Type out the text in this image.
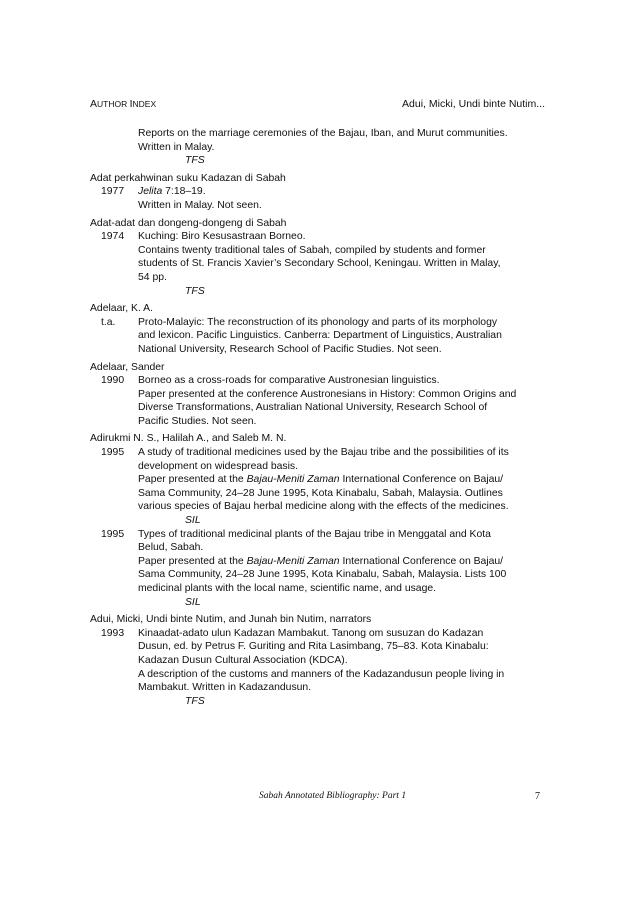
AUTHOR INDEX	Adui, Micki, Undi binte Nutim...
Reports on the marriage ceremonies of the Bajau, Iban, and Murut communities.
Written in Malay.
TFS
Adat perkahwinan suku Kadazan di Sabah
1977	Jelita 7:18–19.
Written in Malay. Not seen.
Adat-adat dan dongeng-dongeng di Sabah
1974	Kuching: Biro Kesusastraan Borneo.
Contains twenty traditional tales of Sabah, compiled by students and former
students of St. Francis Xavier’s Secondary School, Keningau. Written in Malay,
54 pp.
TFS
Adelaar, K. A.
t.a.	Proto-Malayic: The reconstruction of its phonology and parts of its morphology
and lexicon. Pacific Linguistics. Canberra: Department of Linguistics, Australian
National University, Research School of Pacific Studies. Not seen.
Adelaar, Sander
1990	Borneo as a cross-roads for comparative Austronesian linguistics.
Paper presented at the conference Austronesians in History: Common Origins and
Diverse Transformations, Australian National University, Research School of
Pacific Studies. Not seen.
Adirukmi N. S., Halilah A., and Saleb M. N.
1995	A study of traditional medicines used by the Bajau tribe and the possibilities of its
development on widespread basis.
Paper presented at the Bajau-Meniti Zaman International Conference on Bajau/
Sama Community, 24–28 June 1995, Kota Kinabalu, Sabah, Malaysia. Outlines
various species of Bajau herbal medicine along with the effects of the medicines.
SIL
1995	Types of traditional medicinal plants of the Bajau tribe in Menggatal and Kota
Belud, Sabah.
Paper presented at the Bajau-Meniti Zaman International Conference on Bajau/
Sama Community, 24–28 June 1995, Kota Kinabalu, Sabah, Malaysia. Lists 100
medicinal plants with the local name, scientific name, and usage.
SIL
Adui, Micki, Undi binte Nutim, and Junah bin Nutim, narrators
1993	Kinaadat-adato ulun Kadazan Mambakut. Tanong om susuzan do Kadazan
Dusun, ed. by Petrus F. Guriting and Rita Lasimbang, 75–83. Kota Kinabalu:
Kadazan Dusun Cultural Association (KDCA).
A description of the customs and manners of the Kadazandusun people living in
Mambakut. Written in Kadazandusun.
TFS
Sabah Annotated Bibliography: Part 1	7
